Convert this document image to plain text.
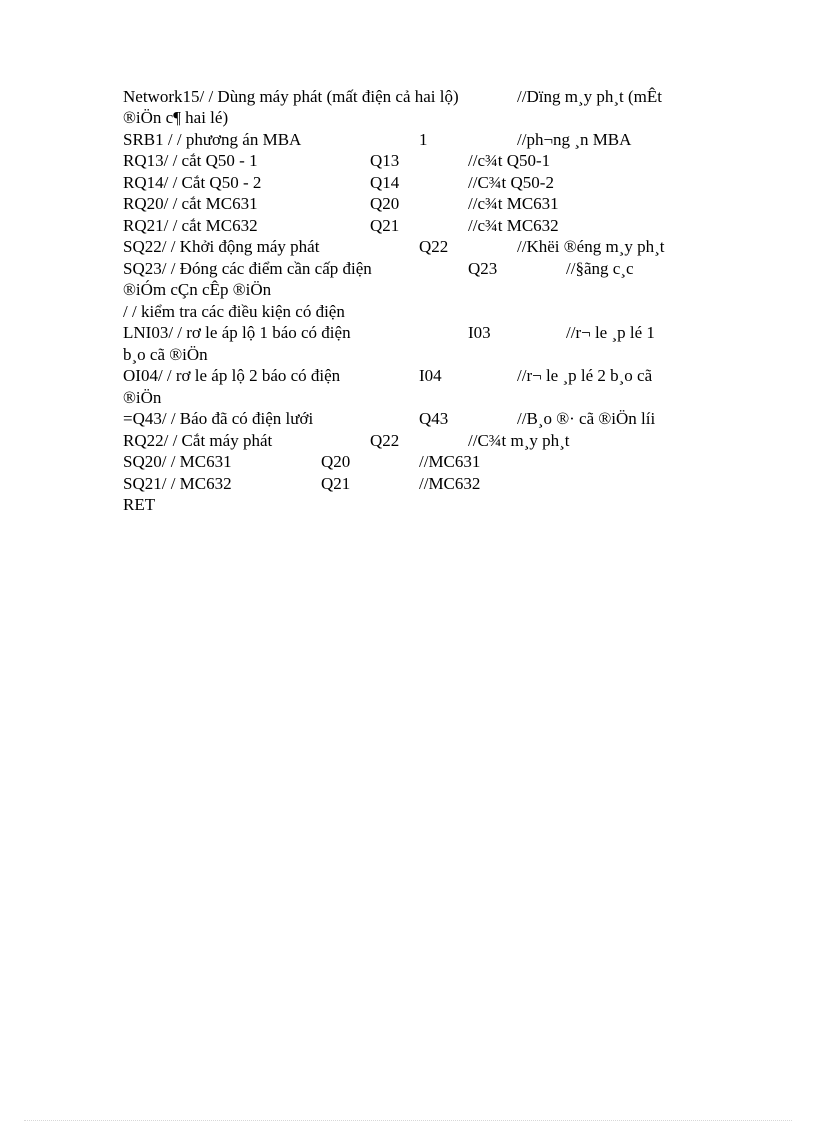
Network15/ / Dùng máy phát (mất điện cả hai lộ)	//Dïng m¸y ph¸t (mÊt
®iÖn c¶ hai lé)
SRB1 / / phương án MBA	1	//ph¬ng ¸n MBA
RQ13/ / cắt Q50 - 1	Q13	//c¾t Q50-1
RQ14/ / Cắt Q50 - 2	Q14	//C¾t Q50-2
RQ20/ / cắt MC631	Q20	//c¾t MC631
RQ21/ / cắt MC632	Q21	//c¾t MC632
SQ22/ / Khởi động máy phát	Q22	//Khëi ®éng m¸y ph¸t
SQ23/ / Đóng các điểm cần cấp điện	Q23	//§ãng c¸c
®iÓm cÇn cÊp ®iÖn
/ / kiểm tra các điều kiện có điện
LNI03/ / rơ le áp lộ 1 báo có điện	I03	//r¬ le ¸p lé 1
b¸o cã ®iÖn
OI04/ / rơ le áp lộ 2 báo có điện	I04	//r¬ le ¸p lé 2 b¸o cã
®iÖn
=Q43/ / Báo đã có điện lưới	Q43	//B¸o ®· cã ®iÖn líi
RQ22/ / Cắt máy phát	Q22	//C¾t m¸y ph¸t
SQ20/ / MC631	Q20	//MC631
SQ21/ / MC632	Q21	//MC632
RET
